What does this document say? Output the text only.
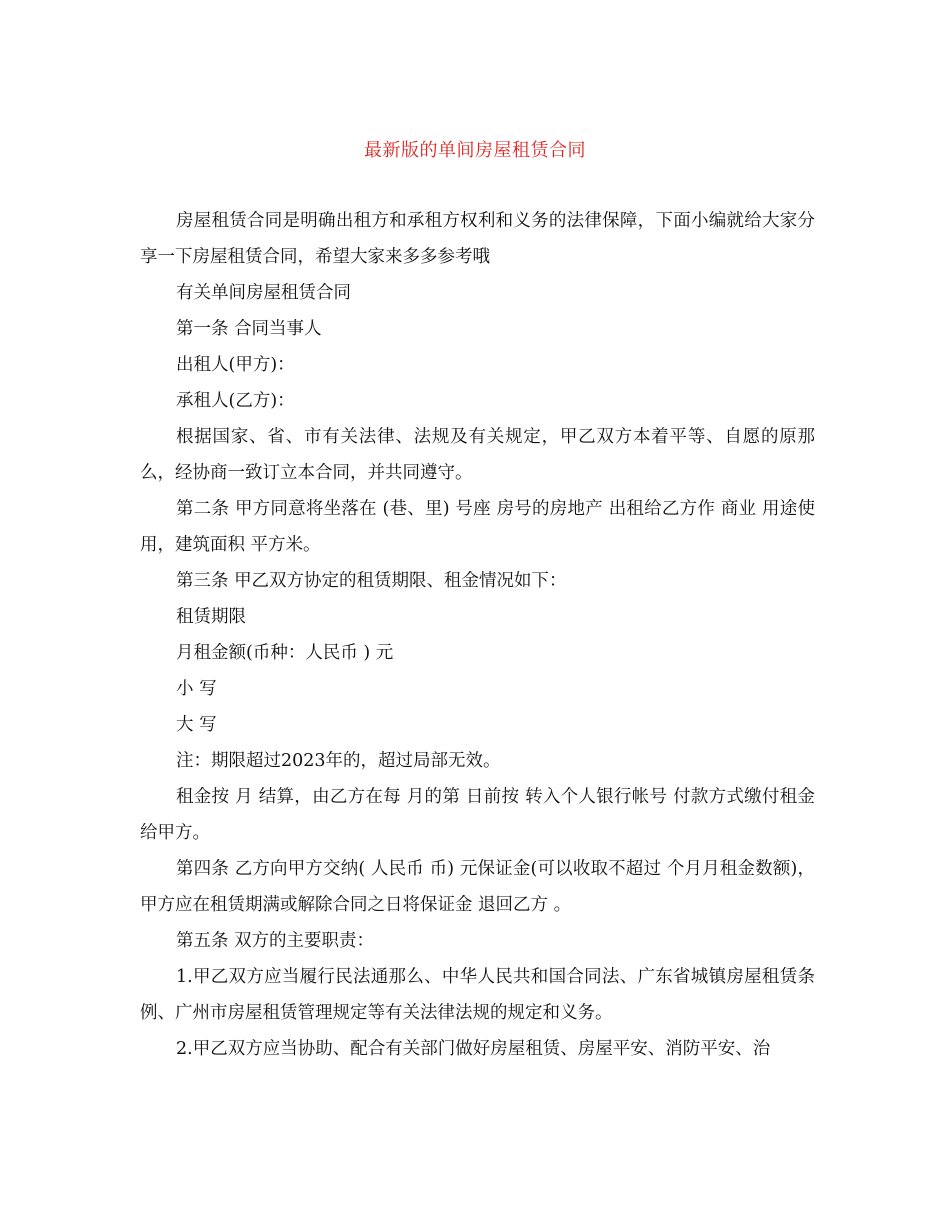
最新版的单间房屋租赁合同

房屋租赁合同是明确出租方和承租方权利和义务的法律保障，下面小编就给大家分享一下房屋租赁合同，希望大家来多多参考哦

有关单间房屋租赁合同

第一条 合同当事人

出租人(甲方)：

承租人(乙方)：

根据国家、省、市有关法律、法规及有关规定，甲乙双方本着平等、自愿的原那么，经协商一致订立本合同，并共同遵守。

第二条 甲方同意将坐落在 (巷、里) 号座 房号的房地产 出租给乙方作 商业 用途使用，建筑面积 平方米。

第三条 甲乙双方协定的租赁期限、租金情况如下：

租赁期限

月租金额(币种：人民币 ) 元

小 写

大 写

注：期限超过2023年的，超过局部无效。

租金按 月 结算，由乙方在每 月的第 日前按 转入个人银行帐号 付款方式缴付租金给甲方。

第四条 乙方向甲方交纳( 人民币 币) 元保证金(可以收取不超过 个月月租金数额)，甲方应在租赁期满或解除合同之日将保证金 退回乙方 。

第五条 双方的主要职责：

1.甲乙双方应当履行民法通那么、中华人民共和国合同法、广东省城镇房屋租赁条例、广州市房屋租赁管理规定等有关法律法规的规定和义务。

2.甲乙双方应当协助、配合有关部门做好房屋租赁、房屋平安、消防平安、治
